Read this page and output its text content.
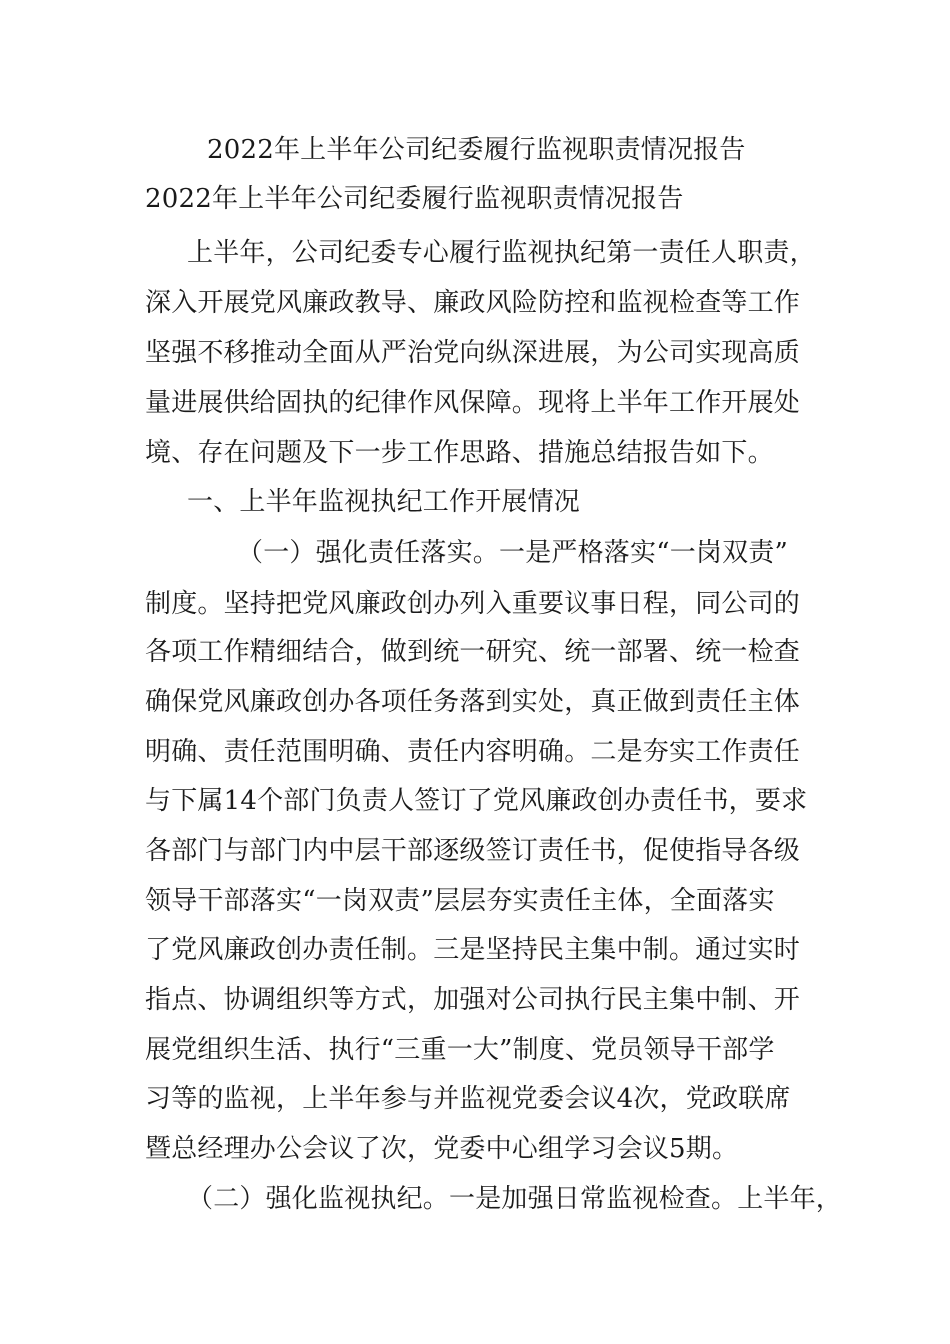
2022年上半年公司纪委履行监视职责情况报告
2022年上半年公司纪委履行监视职责情况报告
上半年，公司纪委专心履行监视执纪第一责任人职责，
深入开展党风廉政教导、廉政风险防控和监视检查等工作
坚强不移推动全面从严治党向纵深进展，为公司实现高质
量进展供给固执的纪律作风保障。现将上半年工作开展处
境、存在问题及下一步工作思路、措施总结报告如下。
一、上半年监视执纪工作开展情况
（一）强化责任落实。一是严格落实“一岗双责”
制度。坚持把党风廉政创办列入重要议事日程，同公司的
各项工作精细结合，做到统一研究、统一部署、统一检查
确保党风廉政创办各项任务落到实处，真正做到责任主体
明确、责任范围明确、责任内容明确。二是夯实工作责任
与下属14个部门负责人签订了党风廉政创办责任书，要求
各部门与部门内中层干部逐级签订责任书，促使指导各级
领导干部落实“一岗双责”层层夯实责任主体，全面落实
了党风廉政创办责任制。三是坚持民主集中制。通过实时
指点、协调组织等方式，加强对公司执行民主集中制、开
展党组织生活、执行“三重一大”制度、党员领导干部学
习等的监视，上半年参与并监视党委会议4次，党政联席
暨总经理办公会议了次，党委中心组学习会议5期。
（二）强化监视执纪。一是加强日常监视检查。上半年，
